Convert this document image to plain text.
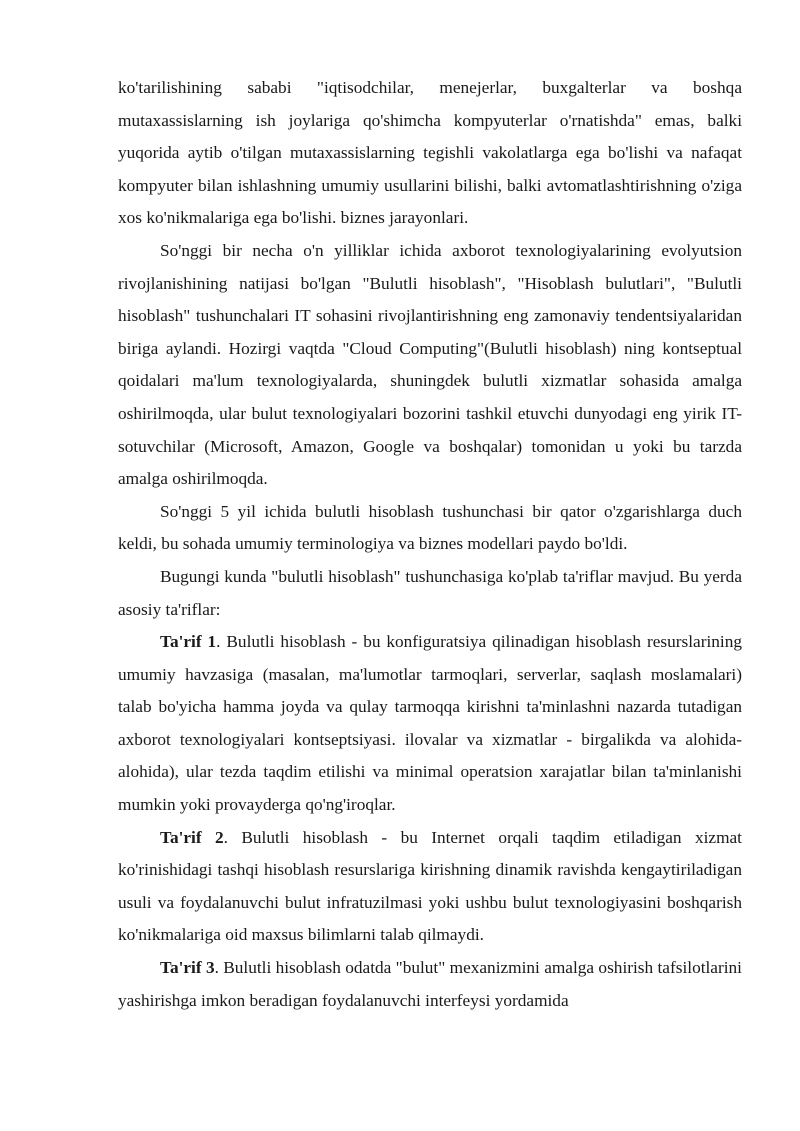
ko'tarilishining sababi "iqtisodchilar, menejerlar, buxgalterlar va boshqa mutaxassislarning ish joylariga qo'shimcha kompyuterlar o'rnatishda" emas, balki yuqorida aytib o'tilgan mutaxassislarning tegishli vakolatlarga ega bo'lishi va nafaqat kompyuter bilan ishlashning umumiy usullarini bilishi, balki avtomatlashtirishning o'ziga xos ko'nikmalariga ega bo'lishi. biznes jarayonlari.

So'nggi bir necha o'n yilliklar ichida axborot texnologiyalarining evolyutsion rivojlanishining natijasi bo'lgan "Bulutli hisoblash", "Hisoblash bulutlari", "Bulutli hisoblash" tushunchalari IT sohasini rivojlantirishning eng zamonaviy tendentsiyalaridan biriga aylandi. Hozirgi vaqtda "Cloud Computing"(Bulutli hisoblash) ning kontseptual qoidalari ma'lum texnologiyalarda, shuningdek bulutli xizmatlar sohasida amalga oshirilmoqda, ular bulut texnologiyalari bozorini tashkil etuvchi dunyodagi eng yirik IT-sotuvchilar (Microsoft, Amazon, Google va boshqalar) tomonidan u yoki bu tarzda amalga oshirilmoqda.

So'nggi 5 yil ichida bulutli hisoblash tushunchasi bir qator o'zgarishlarga duch keldi, bu sohada umumiy terminologiya va biznes modellari paydo bo'ldi.

Bugungi kunda "bulutli hisoblash" tushunchasiga ko'plab ta'riflar mavjud. Bu yerda asosiy ta'riflar:

Ta'rif 1. Bulutli hisoblash - bu konfiguratsiya qilinadigan hisoblash resurslarining umumiy havzasiga (masalan, ma'lumotlar tarmoqlari, serverlar, saqlash moslamalari) talab bo'yicha hamma joyda va qulay tarmoqqa kirishni ta'minlashni nazarda tutadigan axborot texnologiyalari kontseptsiyasi. ilovalar va xizmatlar - birgalikda va alohida-alohida), ular tezda taqdim etilishi va minimal operatsion xarajatlar bilan ta'minlanishi mumkin yoki provayderga qo'ng'iroqlar.

Ta'rif 2. Bulutli hisoblash - bu Internet orqali taqdim etiladigan xizmat ko'rinishidagi tashqi hisoblash resurslariga kirishning dinamik ravishda kengaytiriladigan usuli va foydalanuvchi bulut infratuzilmasi yoki ushbu bulut texnologiyasini boshqarish ko'nikmalariga oid maxsus bilimlarni talab qilmaydi.

Ta'rif 3. Bulutli hisoblash odatda "bulut" mexanizmini amalga oshirish tafsilotlarini yashirishga imkon beradigan foydalanuvchi interfeysi yordamida
